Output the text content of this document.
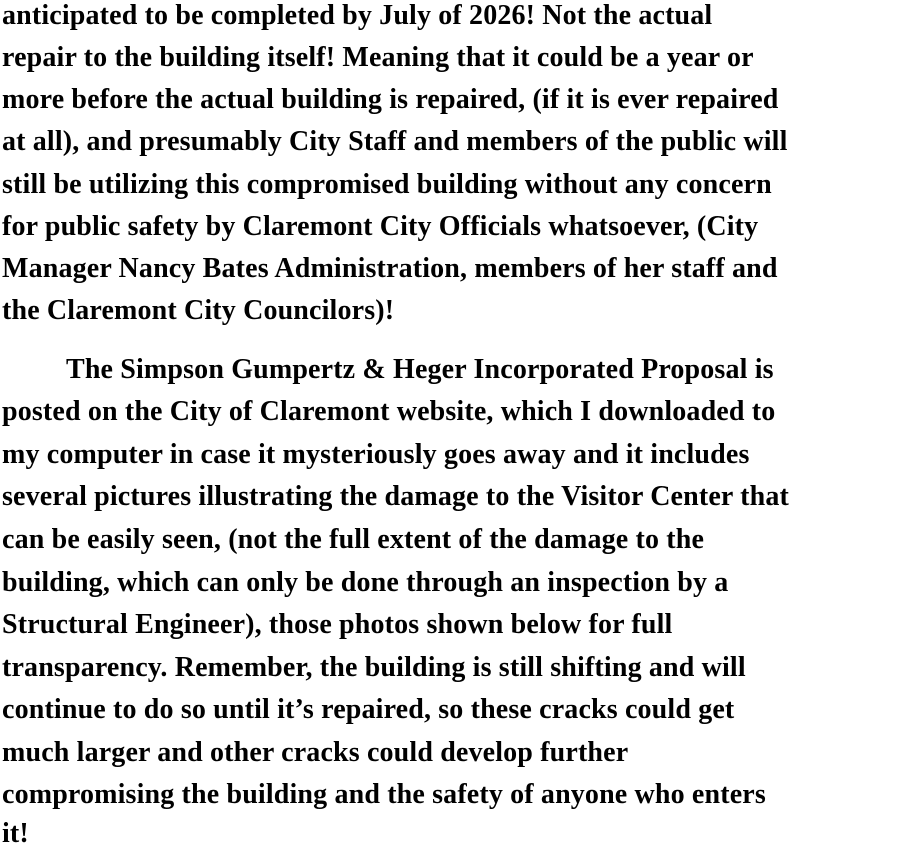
anticipated to be completed by July of 2026! Not the actual
repair to the building itself! Meaning that it could be a year or
more before the actual building is repaired, (if it is ever repaired
at all), and presumably City Staff and members of the public will
still be utilizing this compromised building without any concern
for public safety by Claremont City Officials whatsoever, (City
Manager Nancy Bates Administration, members of her staff and
the Claremont City Councilors)!
The Simpson Gumpertz & Heger Incorporated Proposal is
posted on the City of Claremont website, which I downloaded to
my computer in case it mysteriously goes away and it includes
several pictures illustrating the damage to the Visitor Center that
can be easily seen, (not the full extent of the damage to the
building, which can only be done through an inspection by a
Structural Engineer), those photos shown below for full
transparency. Remember, the building is still shifting and will
continue to do so until it’s repaired, so these cracks could get
much larger and other cracks could develop further
compromising the building and the safety of anyone who enters
it!
